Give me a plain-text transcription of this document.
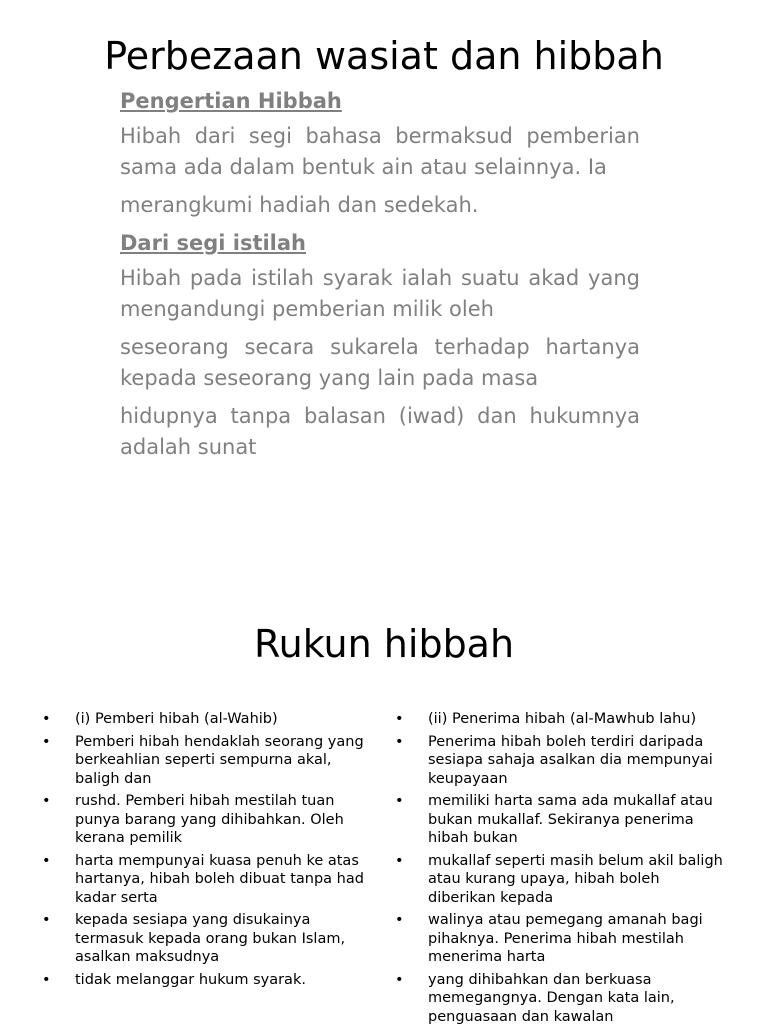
Perbezaan wasiat dan hibbah
Pengertian Hibbah
Hibah dari segi bahasa bermaksud pemberian sama ada dalam bentuk ain atau selainnya. Ia
merangkumi hadiah dan sedekah.
Dari segi istilah
Hibah pada istilah syarak ialah suatu akad yang mengandungi pemberian milik oleh
seseorang secara sukarela terhadap hartanya kepada seseorang yang lain pada masa
hidupnya tanpa balasan (iwad) dan hukumnya adalah sunat
Rukun hibbah
• (i) Pemberi hibah (al-Wahib)
• Pemberi hibah hendaklah seorang yang berkeahlian seperti sempurna akal, baligh dan
• rushd. Pemberi hibah mestilah tuan punya barang yang dihibahkan. Oleh kerana pemilik
• harta mempunyai kuasa penuh ke atas hartanya, hibah boleh dibuat tanpa had kadar serta
• kepada sesiapa yang disukainya termasuk kepada orang bukan Islam, asalkan maksudnya
• tidak melanggar hukum syarak.
• (ii) Penerima hibah (al-Mawhub lahu)
• Penerima hibah boleh terdiri daripada sesiapa sahaja asalkan dia mempunyai keupayaan
• memiliki harta sama ada mukallaf atau bukan mukallaf. Sekiranya penerima hibah bukan
• mukallaf seperti masih belum akil baligh atau kurang upaya, hibah boleh diberikan kepada
• walinya atau pemegang amanah bagi pihaknya. Penerima hibah mestilah menerima harta
• yang dihibahkan dan berkuasa memegangnya. Dengan kata lain, penguasaan dan kawalan
